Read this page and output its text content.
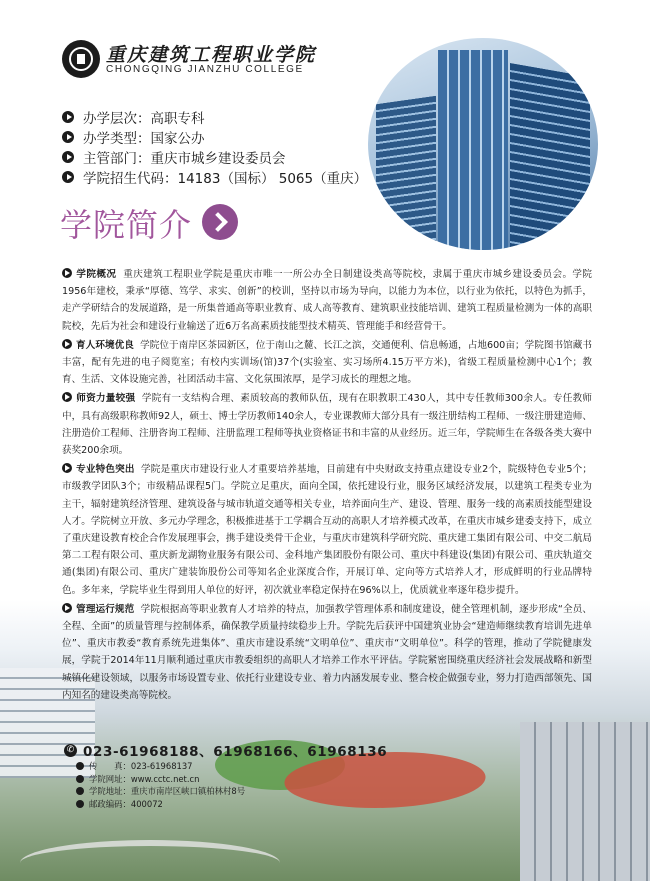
重庆建筑工程职业学院
CHONGQING JIANZHU COLLEGE
办学层次：高职专科
办学类型：国家公办
主管部门：重庆市城乡建设委员会
学院招生代码：14183（国标） 5065（重庆）
学院简介

学院概况 重庆建筑工程职业学院是重庆市唯一一所公办全日制建设类高等院校，隶属于重庆市城乡建设委员会。学院1956年建校，秉承“厚德、笃学、求实、创新”的校训，坚持以市场为导向，以能力为本位，以行业为依托，以特色为抓手，走产学研结合的发展道路，是一所集普通高等职业教育、成人高等教育、建筑职业技能培训、建筑工程质量检测为一体的高职院校，先后为社会和建设行业输送了近6万名高素质技能型技术精英、管理能手和经营骨干。

育人环境优良 学院位于南岸区茶园新区，位于南山之麓、长江之滨，交通便利、信息畅通，占地600亩；学院图书馆藏书丰富，配有先进的电子阅览室；有校内实训场(馆)37个(实验室、实习场所4.15万平方米)，省级工程质量检测中心1个；教育、生活、文体设施完善，社团活动丰富、文化氛围浓厚，是学习成长的理想之地。

师资力量较强 学院有一支结构合理、素质较高的教师队伍，现有在职教职工430人，其中专任教师300余人。专任教师中，具有高级职称教师92人，硕士、博士学历教师140余人，专业课教师大部分具有一级注册结构工程师、一级注册建造师、注册造价工程师、注册咨询工程师、注册监理工程师等执业资格证书和丰富的从业经历。近三年，学院师生在各级各类大赛中获奖200余项。

专业特色突出 学院是重庆市建设行业人才重要培养基地，目前建有中央财政支持重点建设专业2个，院级特色专业5个；市级教学团队3个；市级精品课程5门。学院立足重庆，面向全国，依托建设行业，服务区域经济发展，以建筑工程类专业为主干，辐射建筑经济管理、建筑设备与城市轨道交通等相关专业，培养面向生产、建设、管理、服务一线的高素质技能型建设人才。学院树立开放、多元办学理念，积极推进基于工学耦合互动的高职人才培养模式改革，在重庆市城乡建委支持下，成立了重庆建设教育校企合作发展理事会，携手建设类骨干企业，与重庆市建筑科学研究院、重庆建工集团有限公司、中交二航局第二工程有限公司、重庆新龙湖物业服务有限公司、金科地产集团股份有限公司、重庆中科建设(集团)有限公司、重庆轨道交通(集团)有限公司、重庆广建装饰股份公司等知名企业深度合作，开展订单、定向等方式培养人才，形成鲜明的行业品牌特色。多年来，学院毕业生得到用人单位的好评，初次就业率稳定保持在96%以上，优质就业率逐年稳步提升。

管理运行规范 学院根据高等职业教育人才培养的特点，加强教学管理体系和制度建设，健全管理机制，逐步形成“全员、全程、全面”的质量管理与控制体系，确保教学质量持续稳步上升。学院先后获评中国建筑业协会“建造师继续教育培训先进单位”、重庆市教委“教育系统先进集体”、重庆市建设系统“文明单位”、重庆市“文明单位”。科学的管理，推动了学院健康发展，学院于2014年11月顺利通过重庆市教委组织的高职人才培养工作水平评估。学院紧密围绕重庆经济社会发展战略和新型城镇化建设领域，以服务市场设置专业、依托行业建设专业、着力内涵发展专业、整合校企做强专业，努力打造西部领先、国内知名的建设类高等院校。

✆ 023-61968188、61968166、61968136
传　　真：023-61968137
学院网址：www.cctc.net.cn
学院地址：重庆市南岸区峡口镇柏林村8号
邮政编码：400072
